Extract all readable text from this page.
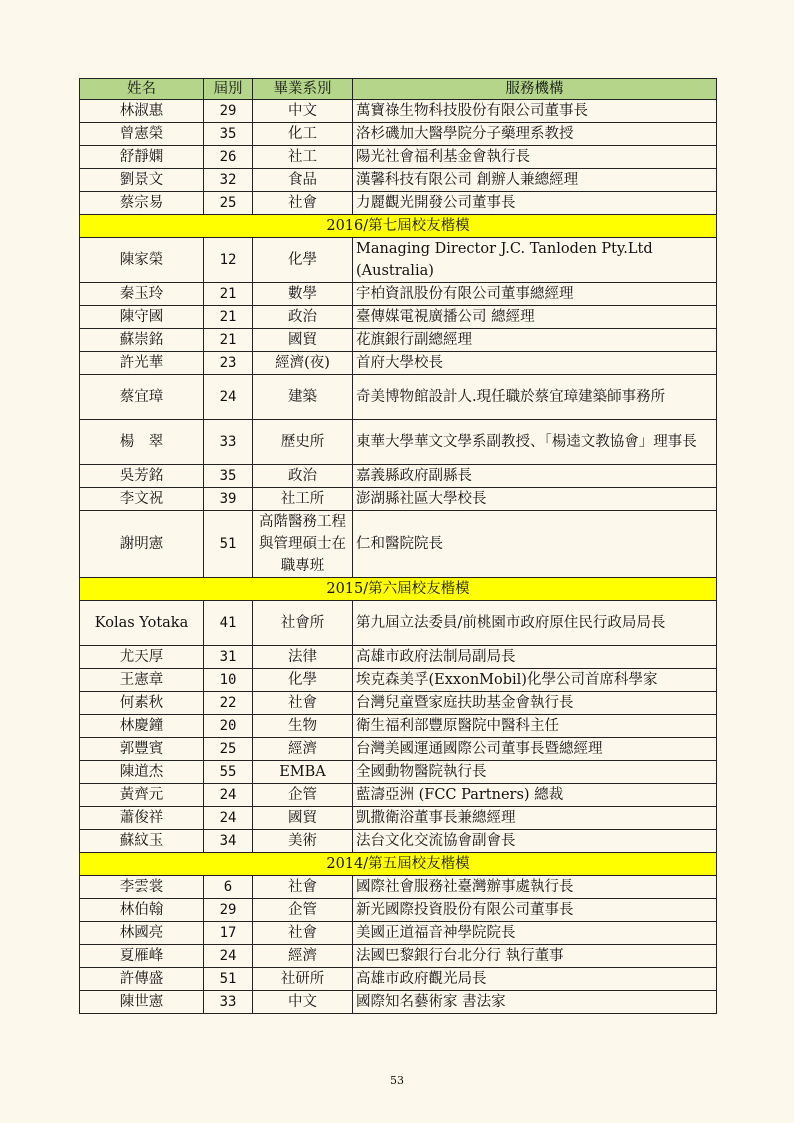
姓名	屆別	畢業系別	服務機構
林淑惠	29	中文	萬寶祿生物科技股份有限公司董事長
曾憲榮	35	化工	洛杉磯加大醫學院分子藥理系教授
舒靜嫻	26	社工	陽光社會福利基金會執行長
劉景文	32	食品	漢馨科技有限公司 創辦人兼總經理
蔡宗易	25	社會	力麗觀光開發公司董事長
2016/第七屆校友楷模			
陳家榮	12	化學	Managing Director J.C. Tanloden Pty.Ltd (Australia)
秦玉玲	21	數學	宇柏資訊股份有限公司董事總經理
陳守國	21	政治	臺傳媒電視廣播公司 總經理
蘇崇銘	21	國貿	花旗銀行副總經理
許光華	23	經濟(夜)	首府大學校長
蔡宜璋	24	建築	奇美博物館設計人.現任職於蔡宜璋建築師事務所
楊　翠	33	歷史所	東華大學華文文學系副教授、「楊逵文教協會」理事長
吳芳銘	35	政治	嘉義縣政府副縣長
李文祝	39	社工所	澎湖縣社區大學校長
謝明憲	51	高階醫務工程與管理碩士在職專班	仁和醫院院長
2015/第六屆校友楷模			
Kolas Yotaka	41	社會所	第九屆立法委員/前桃園市政府原住民行政局局長
尤天厚	31	法律	高雄市政府法制局副局長
王憲章	10	化學	埃克森美孚(ExxonMobil)化學公司首席科學家
何素秋	22	社會	台灣兒童暨家庭扶助基金會執行長
林慶鐘	20	生物	衛生福利部豐原醫院中醫科主任
郭豐賓	25	經濟	台灣美國運通國際公司董事長暨總經理
陳道杰	55	EMBA	全國動物醫院執行長
黃齊元	24	企管	藍濤亞洲 (FCC Partners) 總裁
蕭俊祥	24	國貿	凱撒衛浴董事長兼總經理
蘇紋玉	34	美術	法台文化交流協會副會長
2014/第五屆校友楷模			
李雲裳	6	社會	國際社會服務社臺灣辦事處執行長
林伯翰	29	企管	新光國際投資股份有限公司董事長
林國亮	17	社會	美國正道福音神學院院長
夏雁峰	24	經濟	法國巴黎銀行台北分行 執行董事
許傳盛	51	社研所	高雄市政府觀光局長
陳世憲	33	中文	國際知名藝術家 書法家
53
